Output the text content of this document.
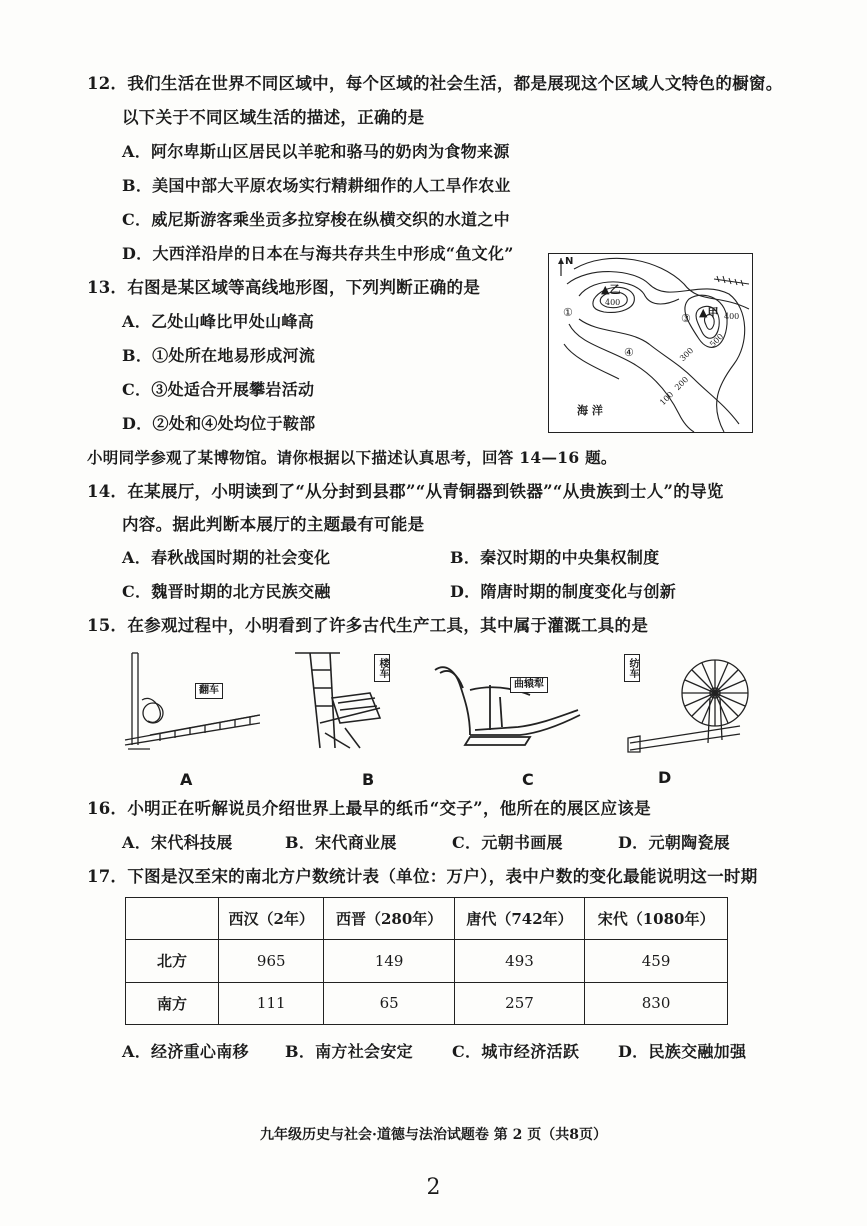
12．我们生活在世界不同区域中，每个区域的社会生活，都是展现这个区域人文特色的橱窗。
以下关于不同区域生活的描述，正确的是
A．阿尔卑斯山区居民以羊驼和骆马的奶肉为食物来源
B．美国中部大平原农场实行精耕细作的人工旱作农业
C．威尼斯游客乘坐贡多拉穿梭在纵横交织的水道之中
D．大西洋沿岸的日本在与海共存共生中形成“鱼文化”
13．右图是某区域等高线地形图，下列判断正确的是
A．乙处山峰比甲处山峰高
B．①处所在地易形成河流
C．③处适合开展攀岩活动
D．②处和④处均位于鞍部
N
▲乙
400
▲甲 400
500
300
200
100
①	③
④
海 洋
小明同学参观了某博物馆。请你根据以下描述认真思考，回答 14—16 题。
14．在某展厅，小明读到了“从分封到县郡”“从青铜器到铁器”“从贵族到士人”的导览
内容。据此判断本展厅的主题最有可能是
A．春秋战国时期的社会变化	B．秦汉时期的中央集权制度
C．魏晋时期的北方民族交融	D．隋唐时期的制度变化与创新
15．在参观过程中，小明看到了许多古代生产工具，其中属于灌溉工具的是
翻车
A
楼车
B
曲辕犁
C
纺车
D
16．小明正在听解说员介绍世界上最早的纸币“交子”，他所在的展区应该是
A．宋代科技展	B．宋代商业展	C．元朝书画展	D．元朝陶瓷展
17．下图是汉至宋的南北方户数统计表（单位：万户），表中户数的变化最能说明这一时期
	西汉（2年）	西晋（280年）	唐代（742年）	宋代（1080年）
北方	965	149	493	459
南方	111	65	257	830
A．经济重心南移 B．南方社会安定 C．城市经济活跃 D．民族交融加强
九年级历史与社会·道德与法治试题卷 第 2 页（共8页）
2
